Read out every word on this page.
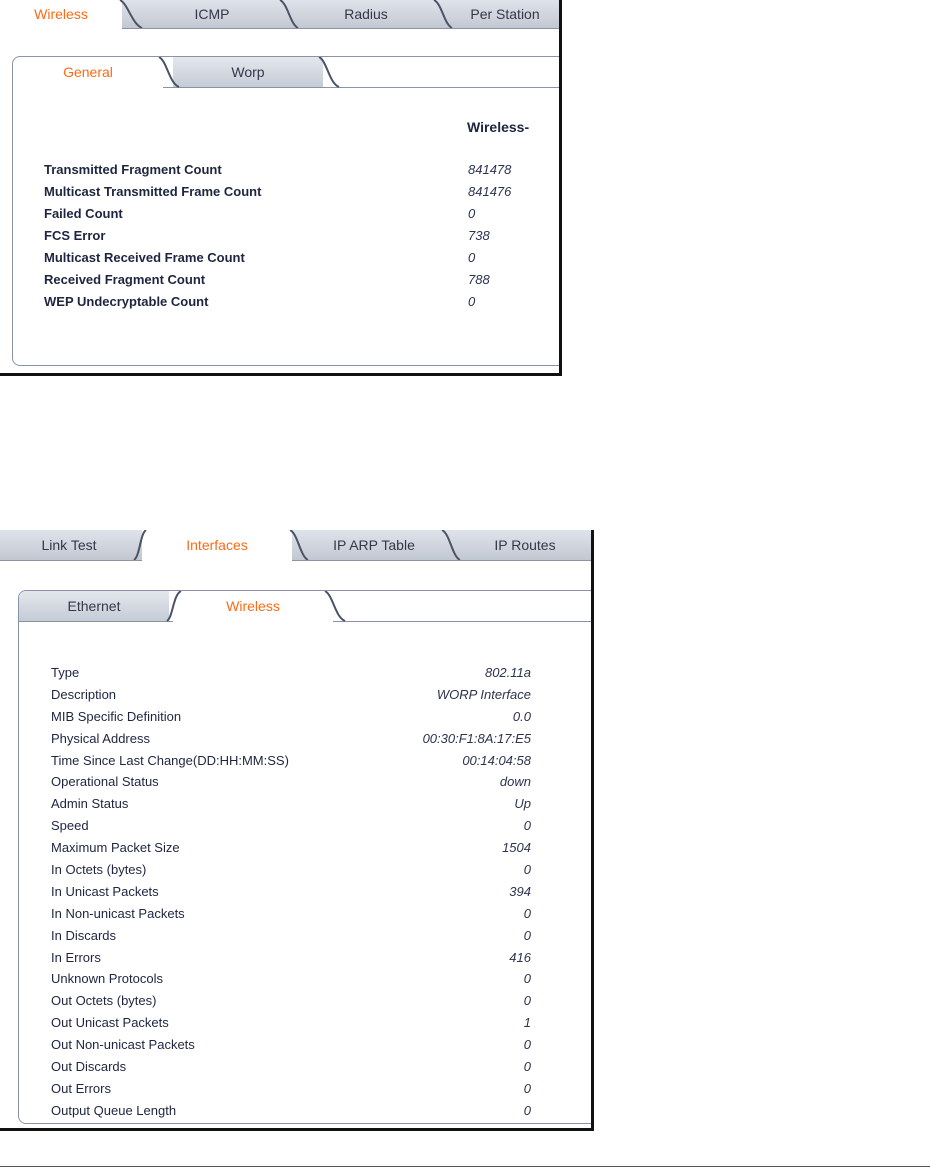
Wireless	ICMP	Radius	Per Station
General	Worp
Wireless-
Transmitted Fragment Count	841478
Multicast Transmitted Frame Count	841476
Failed Count	0
FCS Error	738
Multicast Received Frame Count	0
Received Fragment Count	788
WEP Undecryptable Count	0
Link Test	Interfaces	IP ARP Table	IP Routes
Ethernet	Wireless
Type	802.11a
Description	WORP Interface
MIB Specific Definition	0.0
Physical Address	00:30:F1:8A:17:E5
Time Since Last Change(DD:HH:MM:SS)	00:14:04:58
Operational Status	down
Admin Status	Up
Speed	0
Maximum Packet Size	1504
In Octets (bytes)	0
In Unicast Packets	394
In Non-unicast Packets	0
In Discards	0
In Errors	416
Unknown Protocols	0
Out Octets (bytes)	0
Out Unicast Packets	1
Out Non-unicast Packets	0
Out Discards	0
Out Errors	0
Output Queue Length	0
